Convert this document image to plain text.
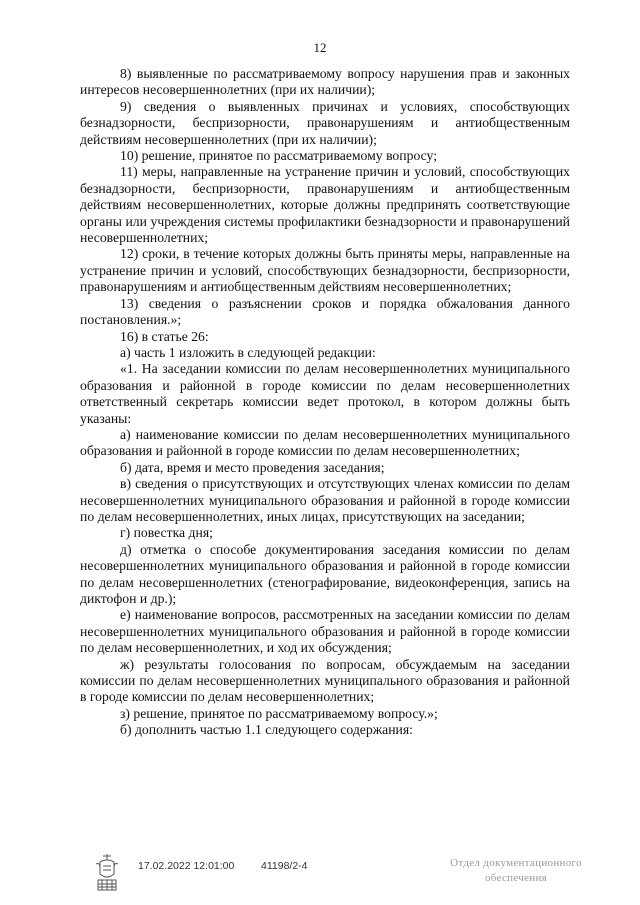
12

8) выявленные по рассматриваемому вопросу нарушения прав и законных интересов несовершеннолетних (при их наличии);

9) сведения о выявленных причинах и условиях, способствующих безнадзорности, беспризорности, правонарушениям и антиобщественным действиям несовершеннолетних (при их наличии);

10) решение, принятое по рассматриваемому вопросу;

11) меры, направленные на устранение причин и условий, способствующих безнадзорности, беспризорности, правонарушениям и антиобщественным действиям несовершеннолетних, которые должны предпринять соответствующие органы или учреждения системы профилактики безнадзорности и правонарушений несовершеннолетних;

12) сроки, в течение которых должны быть приняты меры, направленные на устранение причин и условий, способствующих безнадзорности, беспризорности, правонарушениям и антиобщественным действиям несовершеннолетних;

13) сведения о разъяснении сроков и порядка обжалования данного постановления.»;

16) в статье 26:

а) часть 1 изложить в следующей редакции:

«1. На заседании комиссии по делам несовершеннолетних муниципального образования и районной в городе комиссии по делам несовершеннолетних ответственный секретарь комиссии ведет протокол, в котором должны быть указаны:

а) наименование комиссии по делам несовершеннолетних муниципального образования и районной в городе комиссии по делам несовершеннолетних;

б) дата, время и место проведения заседания;

в) сведения о присутствующих и отсутствующих членах комиссии по делам несовершеннолетних муниципального образования и районной в городе комиссии по делам несовершеннолетних, иных лицах, присутствующих на заседании;

г) повестка дня;

д) отметка о способе документирования заседания комиссии по делам несовершеннолетних муниципального образования и районной в городе комиссии по делам несовершеннолетних (стенографирование, видеоконференция, запись на диктофон и др.);

е) наименование вопросов, рассмотренных на заседании комиссии по делам несовершеннолетних муниципального образования и районной в городе комиссии по делам несовершеннолетних, и ход их обсуждения;

ж) результаты голосования по вопросам, обсуждаемым на заседании комиссии по делам несовершеннолетних муниципального образования и районной в городе комиссии по делам несовершеннолетних;

з) решение, принятое по рассматриваемому вопросу.»;

б) дополнить частью 1.1 следующего содержания:

17.02.2022 12:01:00	41198/2-4	Отдел документационного
обеспечения
